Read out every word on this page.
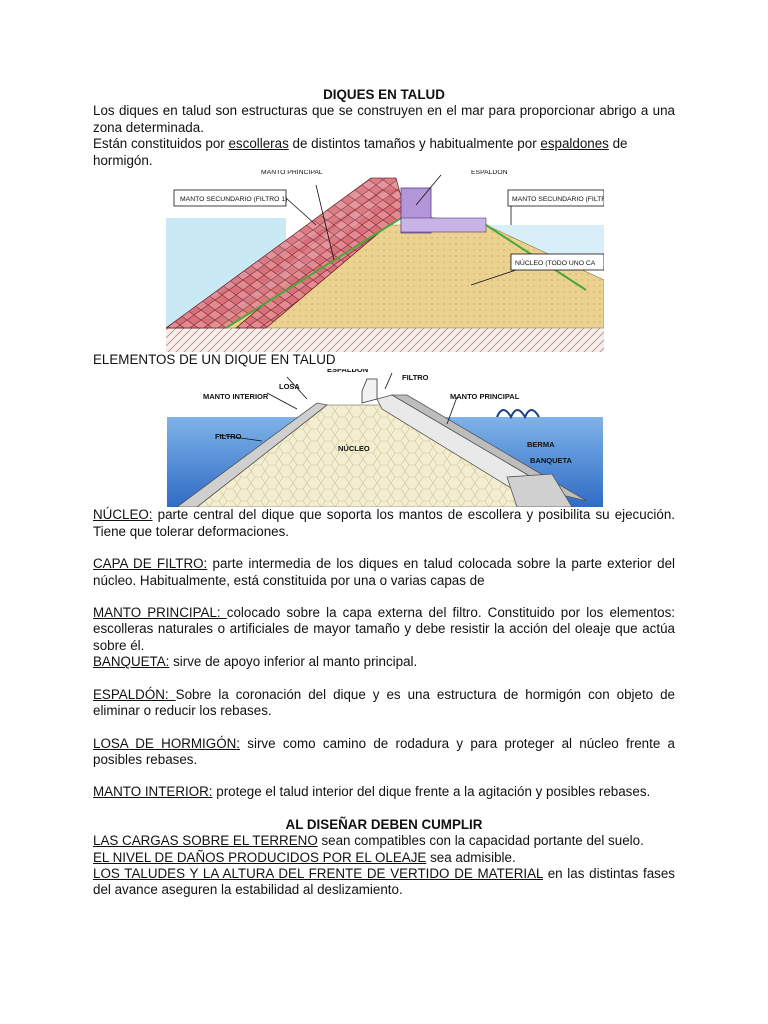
DIQUES EN TALUD

Los diques en talud son estructuras que se construyen en el mar para proporcionar abrigo a una zona determinada.

Están constituidos por escolleras de distintos tamaños y habitualmente por espaldones de hormigón.

MANTO SECUNDARIO (FILTRO 1)
MANTO PRINCIPAL	ESPALDÓN
MANTO SECUNDARIO (FILTR
NÚCLEO (TODO UNO CA

ELEMENTOS DE UN DIQUE EN TALUD

ESPALDON
FILTRO
LOSA
MANTO INTERIOR	MANTO PRINCIPAL
FILTRO
NÚCLEO	BERMA
BANQUETA

NÚCLEO: parte central del dique que soporta los mantos de escollera y posibilita su ejecución. Tiene que tolerar deformaciones.

CAPA DE FILTRO: parte intermedia de los diques en talud colocada sobre la parte exterior del núcleo. Habitualmente, está constituida por una o varias capas de

MANTO PRINCIPAL: colocado sobre la capa externa del filtro. Constituido por los elementos: escolleras naturales o artificiales de mayor tamaño y debe resistir la acción del oleaje que actúa sobre él.

BANQUETA: sirve de apoyo inferior al manto principal.

ESPALDÓN: Sobre la coronación del dique y es una estructura de hormigón con objeto de eliminar o reducir los rebases.

LOSA DE HORMIGÓN: sirve como camino de rodadura y para proteger al núcleo frente a posibles rebases.

MANTO INTERIOR: protege el talud interior del dique frente a la agitación y posibles rebases.

AL DISEÑAR DEBEN CUMPLIR

LAS CARGAS SOBRE EL TERRENO sean compatibles con la capacidad portante del suelo.

EL NIVEL DE DAÑOS PRODUCIDOS POR EL OLEAJE sea admisible.

LOS TALUDES Y LA ALTURA DEL FRENTE DE VERTIDO DE MATERIAL en las distintas fases del avance aseguren la estabilidad al deslizamiento.
